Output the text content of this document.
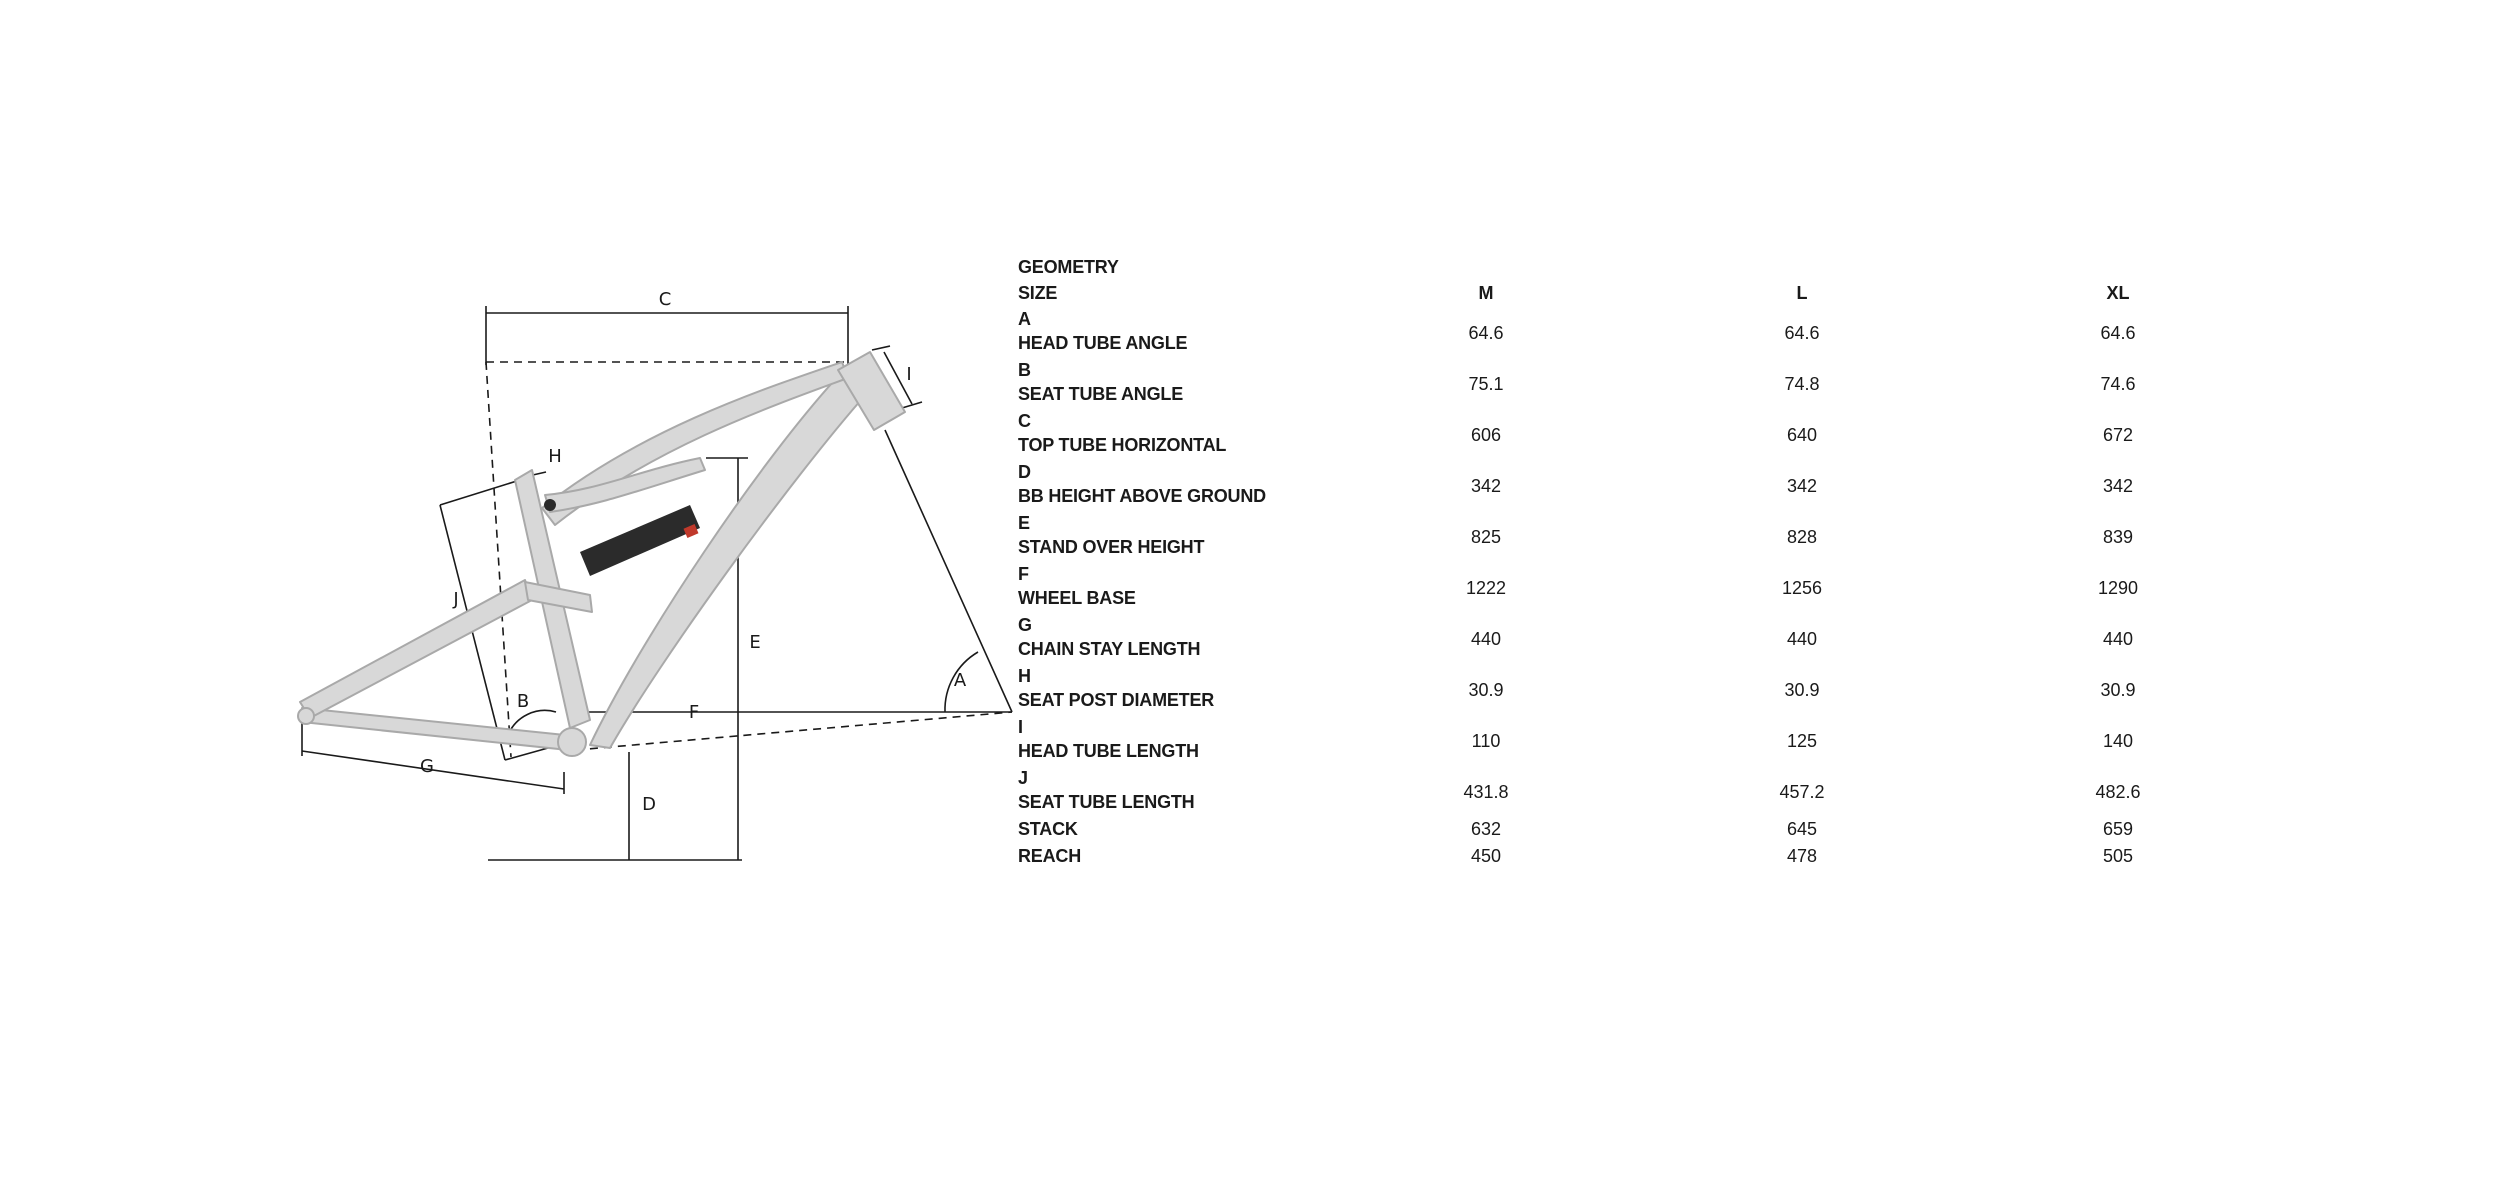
C
I
H
J
E
A
B
F
G
D
GEOMETRY
SIZE	M	L	XL
A
HEAD TUBE ANGLE	64.6	64.6	64.6
B
SEAT TUBE ANGLE	75.1	74.8	74.6
C
TOP TUBE HORIZONTAL	606	640	672
D
BB HEIGHT ABOVE GROUND	342	342	342
E
STAND OVER HEIGHT	825	828	839
F
WHEEL BASE	1222	1256	1290
G
CHAIN STAY LENGTH	440	440	440
H
SEAT POST DIAMETER	30.9	30.9	30.9
I
HEAD TUBE LENGTH	110	125	140
J
SEAT TUBE LENGTH	431.8	457.2	482.6
STACK	632	645	659
REACH	450	478	505
